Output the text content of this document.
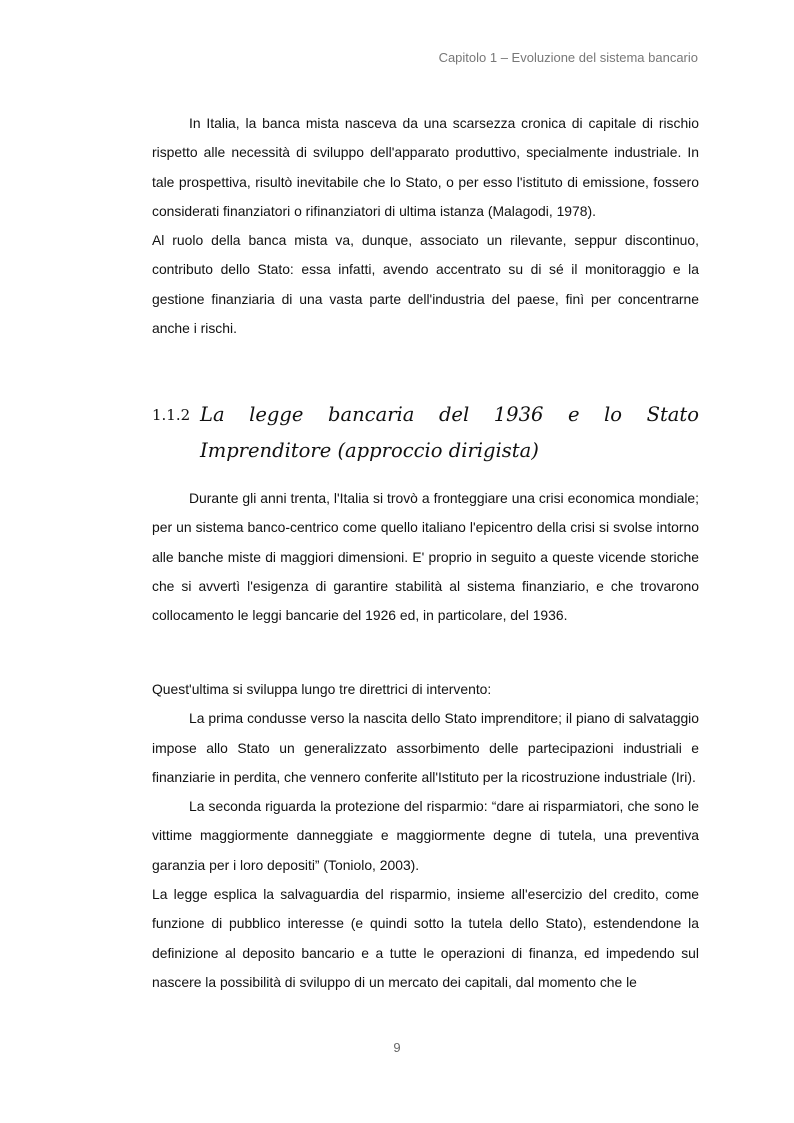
Capitolo 1 – Evoluzione del sistema bancario

In Italia, la banca mista nasceva da una scarsezza cronica di capitale di rischio rispetto alle necessità di sviluppo dell'apparato produttivo, specialmente industriale. In tale prospettiva, risultò inevitabile che lo Stato, o per esso l'istituto di emissione, fossero considerati finanziatori o rifinanziatori di ultima istanza (Malagodi, 1978).

Al ruolo della banca mista va, dunque, associato un rilevante, seppur discontinuo, contributo dello Stato: essa infatti, avendo accentrato su di sé il monitoraggio e la gestione finanziaria di una vasta parte dell'industria del paese, finì per concentrarne anche i rischi.

1.1.2 La legge bancaria del 1936 e lo Stato Imprenditore (approccio dirigista)

Durante gli anni trenta, l'Italia si trovò a fronteggiare una crisi economica mondiale; per un sistema banco-centrico come quello italiano l'epicentro della crisi si svolse intorno alle banche miste di maggiori dimensioni. E' proprio in seguito a queste vicende storiche che si avvertì l'esigenza di garantire stabilità al sistema finanziario, e che trovarono collocamento le leggi bancarie del 1926 ed, in particolare, del 1936.

Quest'ultima si sviluppa lungo tre direttrici di intervento:

La prima condusse verso la nascita dello Stato imprenditore; il piano di salvataggio impose allo Stato un generalizzato assorbimento delle partecipazioni industriali e finanziarie in perdita, che vennero conferite all'Istituto per la ricostruzione industriale (Iri).

La seconda riguarda la protezione del risparmio: “dare ai risparmiatori, che sono le vittime maggiormente danneggiate e maggiormente degne di tutela, una preventiva garanzia per i loro depositi” (Toniolo, 2003).

La legge esplica la salvaguardia del risparmio, insieme all'esercizio del credito, come funzione di pubblico interesse (e quindi sotto la tutela dello Stato), estendendone la definizione al deposito bancario e a tutte le operazioni di finanza, ed impedendo sul nascere la possibilità di sviluppo di un mercato dei capitali, dal momento che le

9
